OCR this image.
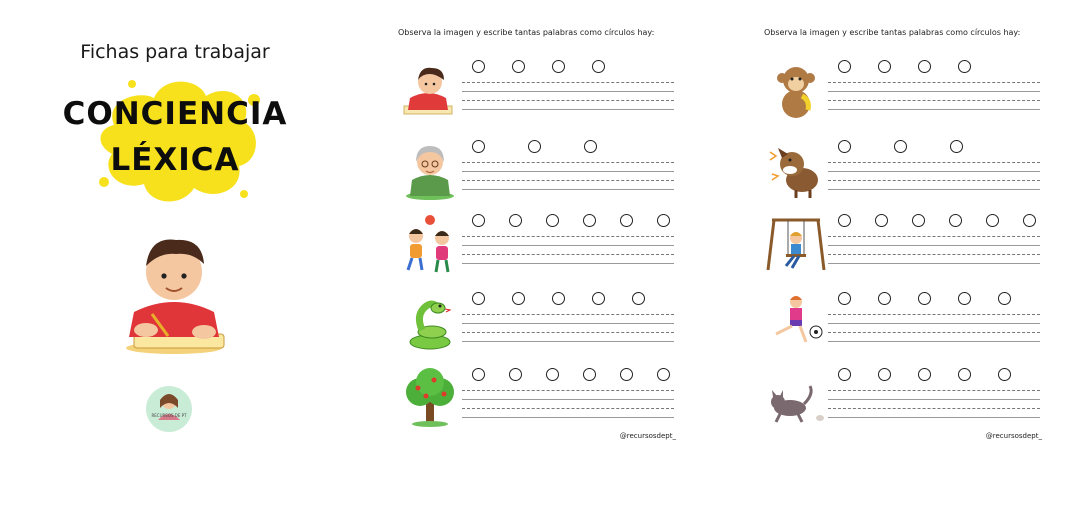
Fichas para trabajar
CONCIENCIA
LÉXICA
RECURSOS DE PT
Observa la imagen y escribe tantas palabras como círculos hay:
@recursosdept_
Observa la imagen y escribe tantas palabras como círculos hay:
@recursosdept_
